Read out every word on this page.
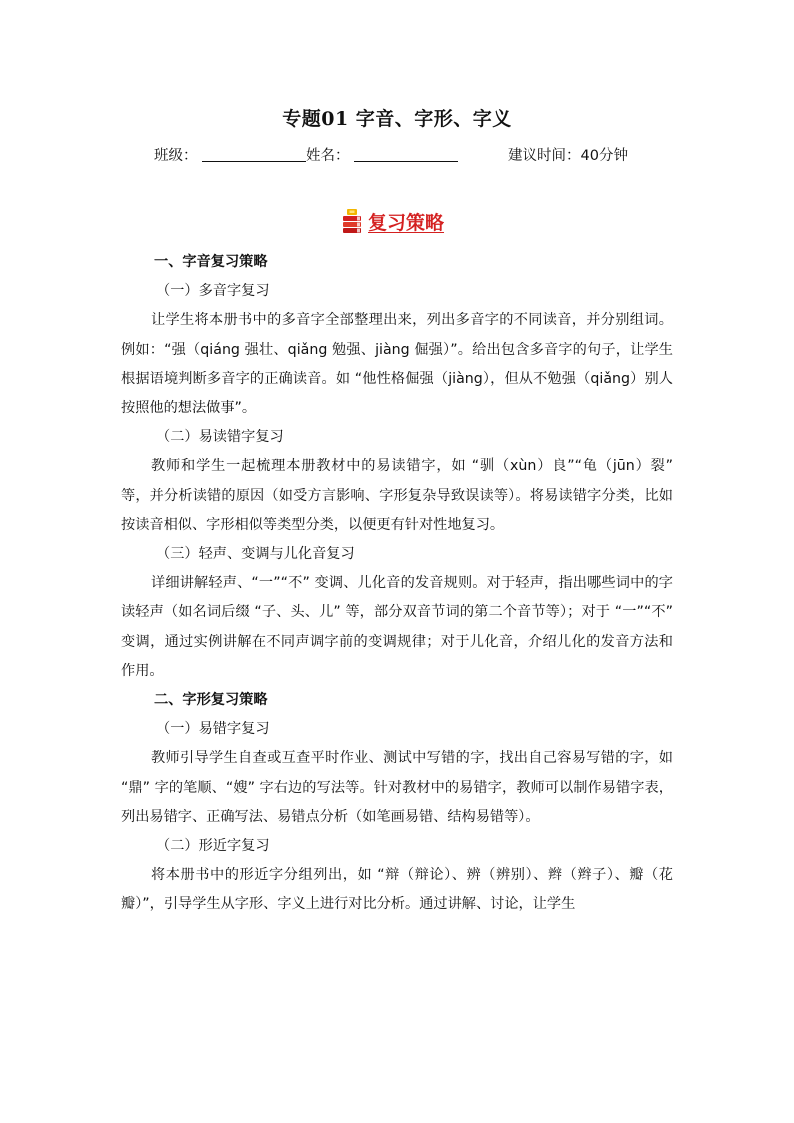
专题01 字音、字形、字义
班级：	姓名：	建议时间：40分钟
复习策略

一、字音复习策略

（一）多音字复习

让学生将本册书中的多音字全部整理出来，列出多音字的不同读音，并分别组词。例如：“强（qiáng 强壮、qiǎng 勉强、jiàng 倔强）”。给出包含多音字的句子，让学生根据语境判断多音字的正确读音。如 “他性格倔强（jiàng），但从不勉强（qiǎng）别人按照他的想法做事”。

（二）易读错字复习

教师和学生一起梳理本册教材中的易读错字，如 “驯（xùn）良”“龟（jūn）裂” 等，并分析读错的原因（如受方言影响、字形复杂导致误读等）。将易读错字分类，比如按读音相似、字形相似等类型分类，以便更有针对性地复习。

（三）轻声、变调与儿化音复习

详细讲解轻声、“一”“不” 变调、儿化音的发音规则。对于轻声，指出哪些词中的字读轻声（如名词后缀 “子、头、儿” 等，部分双音节词的第二个音节等）；对于 “一”“不” 变调，通过实例讲解在不同声调字前的变调规律；对于儿化音，介绍儿化的发音方法和作用。

二、字形复习策略

（一）易错字复习

教师引导学生自查或互查平时作业、测试中写错的字，找出自己容易写错的字，如 “鼎” 字的笔顺、“嫂” 字右边的写法等。针对教材中的易错字，教师可以制作易错字表，列出易错字、正确写法、易错点分析（如笔画易错、结构易错等）。

（二）形近字复习

将本册书中的形近字分组列出，如 “辩（辩论）、辨（辨别）、辫（辫子）、瓣（花瓣）”，引导学生从字形、字义上进行对比分析。通过讲解、讨论，让学生
